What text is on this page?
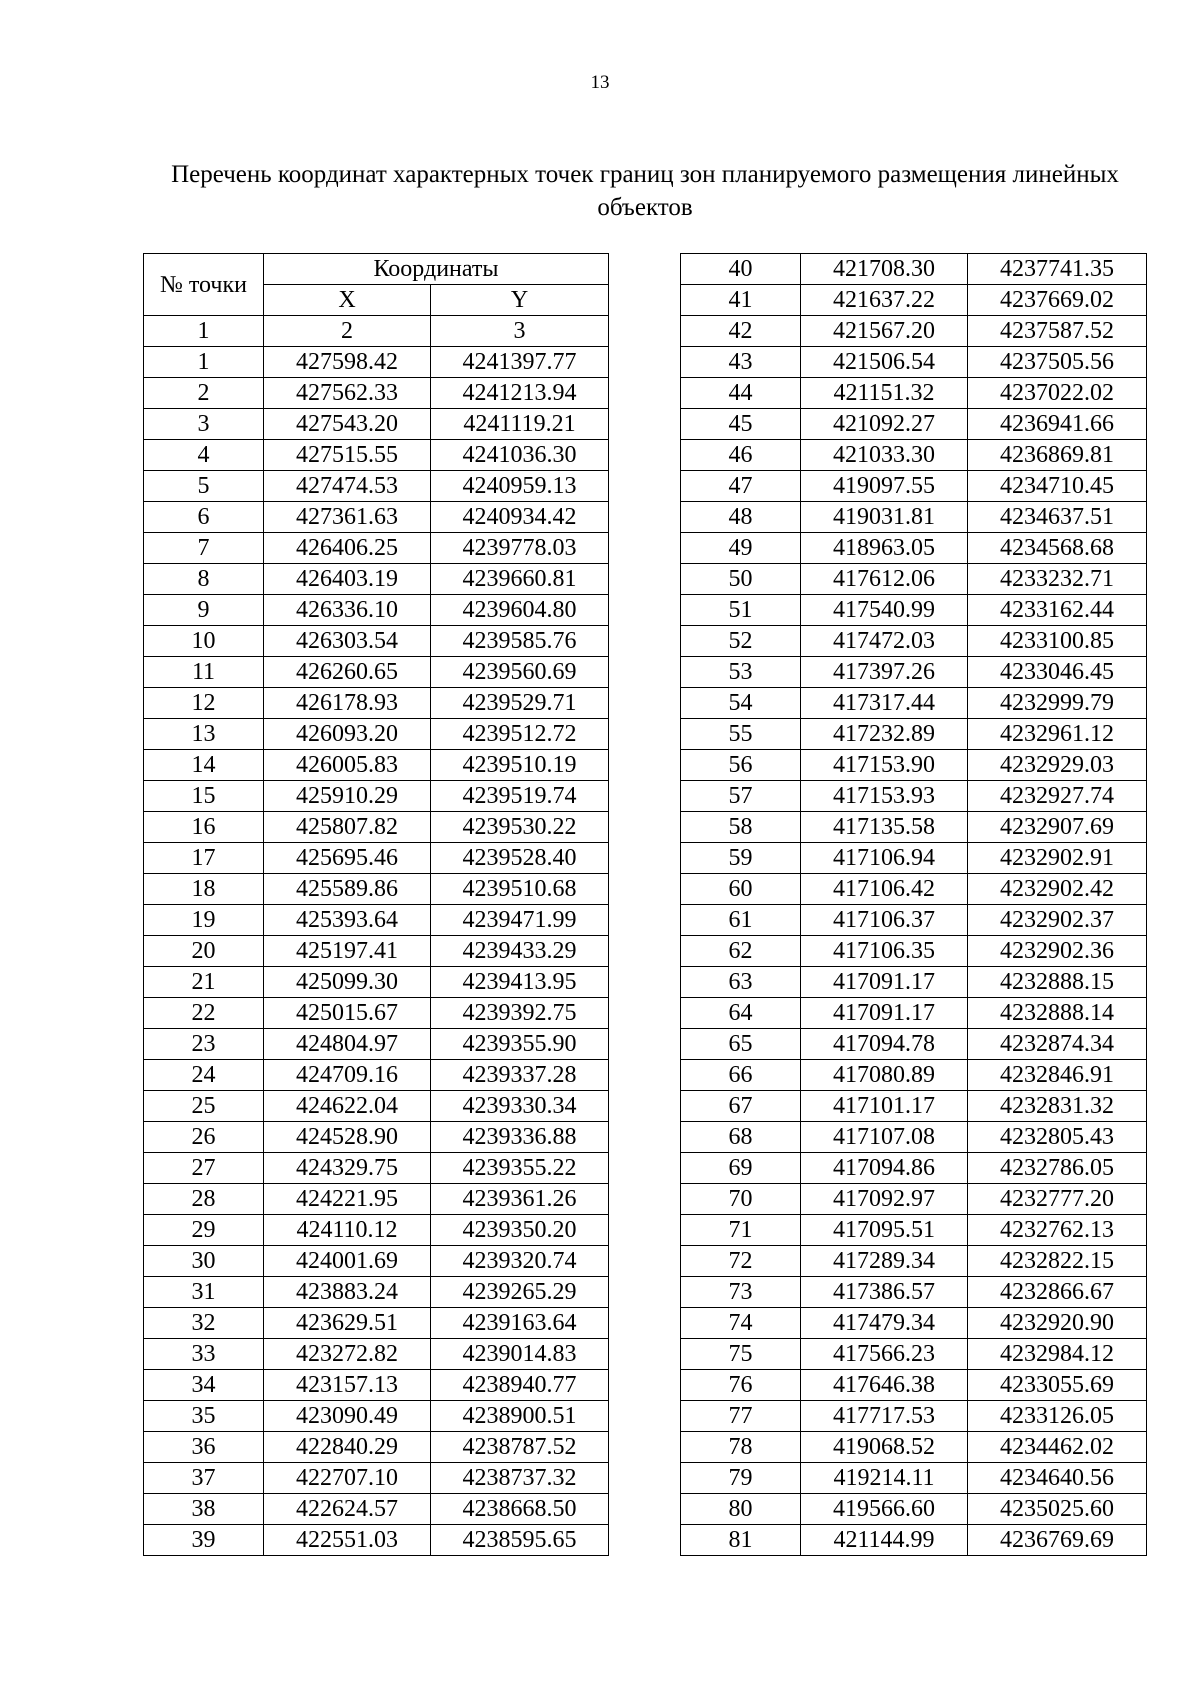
13
Перечень координат характерных точек границ зон планируемого размещения линейных объектов
№ точки	Координаты	
	X	Y
1	2	3
1	427598.42	4241397.77
2	427562.33	4241213.94
3	427543.20	4241119.21
4	427515.55	4241036.30
5	427474.53	4240959.13
6	427361.63	4240934.42
7	426406.25	4239778.03
8	426403.19	4239660.81
9	426336.10	4239604.80
10	426303.54	4239585.76
11	426260.65	4239560.69
12	426178.93	4239529.71
13	426093.20	4239512.72
14	426005.83	4239510.19
15	425910.29	4239519.74
16	425807.82	4239530.22
17	425695.46	4239528.40
18	425589.86	4239510.68
19	425393.64	4239471.99
20	425197.41	4239433.29
21	425099.30	4239413.95
22	425015.67	4239392.75
23	424804.97	4239355.90
24	424709.16	4239337.28
25	424622.04	4239330.34
26	424528.90	4239336.88
27	424329.75	4239355.22
28	424221.95	4239361.26
29	424110.12	4239350.20
30	424001.69	4239320.74
31	423883.24	4239265.29
32	423629.51	4239163.64
33	423272.82	4239014.83
34	423157.13	4238940.77
35	423090.49	4238900.51
36	422840.29	4238787.52
37	422707.10	4238737.32
38	422624.57	4238668.50
39	422551.03	4238595.65
40	421708.30	4237741.35
41	421637.22	4237669.02
42	421567.20	4237587.52
43	421506.54	4237505.56
44	421151.32	4237022.02
45	421092.27	4236941.66
46	421033.30	4236869.81
47	419097.55	4234710.45
48	419031.81	4234637.51
49	418963.05	4234568.68
50	417612.06	4233232.71
51	417540.99	4233162.44
52	417472.03	4233100.85
53	417397.26	4233046.45
54	417317.44	4232999.79
55	417232.89	4232961.12
56	417153.90	4232929.03
57	417153.93	4232927.74
58	417135.58	4232907.69
59	417106.94	4232902.91
60	417106.42	4232902.42
61	417106.37	4232902.37
62	417106.35	4232902.36
63	417091.17	4232888.15
64	417091.17	4232888.14
65	417094.78	4232874.34
66	417080.89	4232846.91
67	417101.17	4232831.32
68	417107.08	4232805.43
69	417094.86	4232786.05
70	417092.97	4232777.20
71	417095.51	4232762.13
72	417289.34	4232822.15
73	417386.57	4232866.67
74	417479.34	4232920.90
75	417566.23	4232984.12
76	417646.38	4233055.69
77	417717.53	4233126.05
78	419068.52	4234462.02
79	419214.11	4234640.56
80	419566.60	4235025.60
81	421144.99	4236769.69
